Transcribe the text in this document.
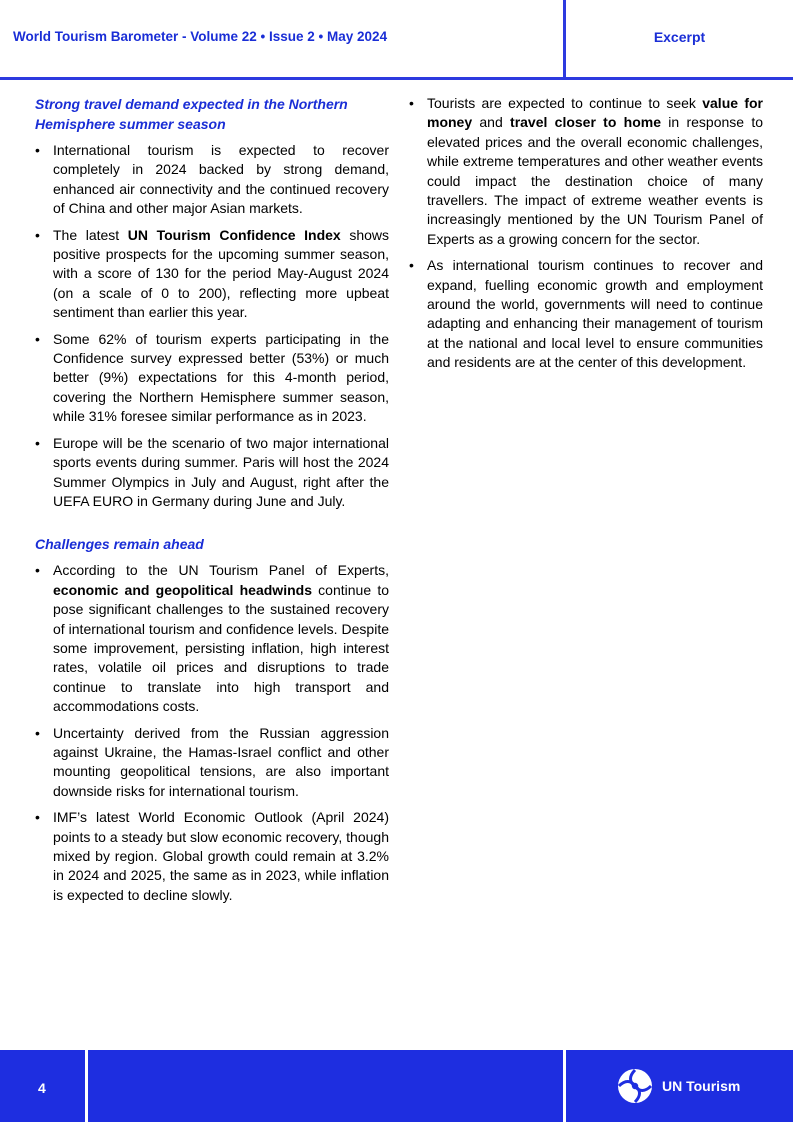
World Tourism Barometer - Volume 22 • Issue 2 • May 2024	Excerpt
Strong travel demand expected in the Northern Hemisphere summer season
• International tourism is expected to recover completely in 2024 backed by strong demand, enhanced air connectivity and the continued recovery of China and other major Asian markets.
• The latest UN Tourism Confidence Index shows positive prospects for the upcoming summer season, with a score of 130 for the period May-August 2024 (on a scale of 0 to 200), reflecting more upbeat sentiment than earlier this year.
• Some 62% of tourism experts participating in the Confidence survey expressed better (53%) or much better (9%) expectations for this 4-month period, covering the Northern Hemisphere summer season, while 31% foresee similar performance as in 2023.
• Europe will be the scenario of two major international sports events during summer. Paris will host the 2024 Summer Olympics in July and August, right after the UEFA EURO in Germany during June and July.
Challenges remain ahead
• According to the UN Tourism Panel of Experts, economic and geopolitical headwinds continue to pose significant challenges to the sustained recovery of international tourism and confidence levels. Despite some improvement, persisting inflation, high interest rates, volatile oil prices and disruptions to trade continue to translate into high transport and accommodations costs.
• Uncertainty derived from the Russian aggression against Ukraine, the Hamas-Israel conflict and other mounting geopolitical tensions, are also important downside risks for international tourism.
• IMF’s latest World Economic Outlook (April 2024) points to a steady but slow economic recovery, though mixed by region. Global growth could remain at 3.2% in 2024 and 2025, the same as in 2023, while inflation is expected to decline slowly.
• Tourists are expected to continue to seek value for money and travel closer to home in response to elevated prices and the overall economic challenges, while extreme temperatures and other weather events could impact the destination choice of many travellers. The impact of extreme weather events is increasingly mentioned by the UN Tourism Panel of Experts as a growing concern for the sector.
• As international tourism continues to recover and expand, fuelling economic growth and employment around the world, governments will need to continue adapting and enhancing their management of tourism at the national and local level to ensure communities and residents are at the center of this development.
4	UN Tourism
